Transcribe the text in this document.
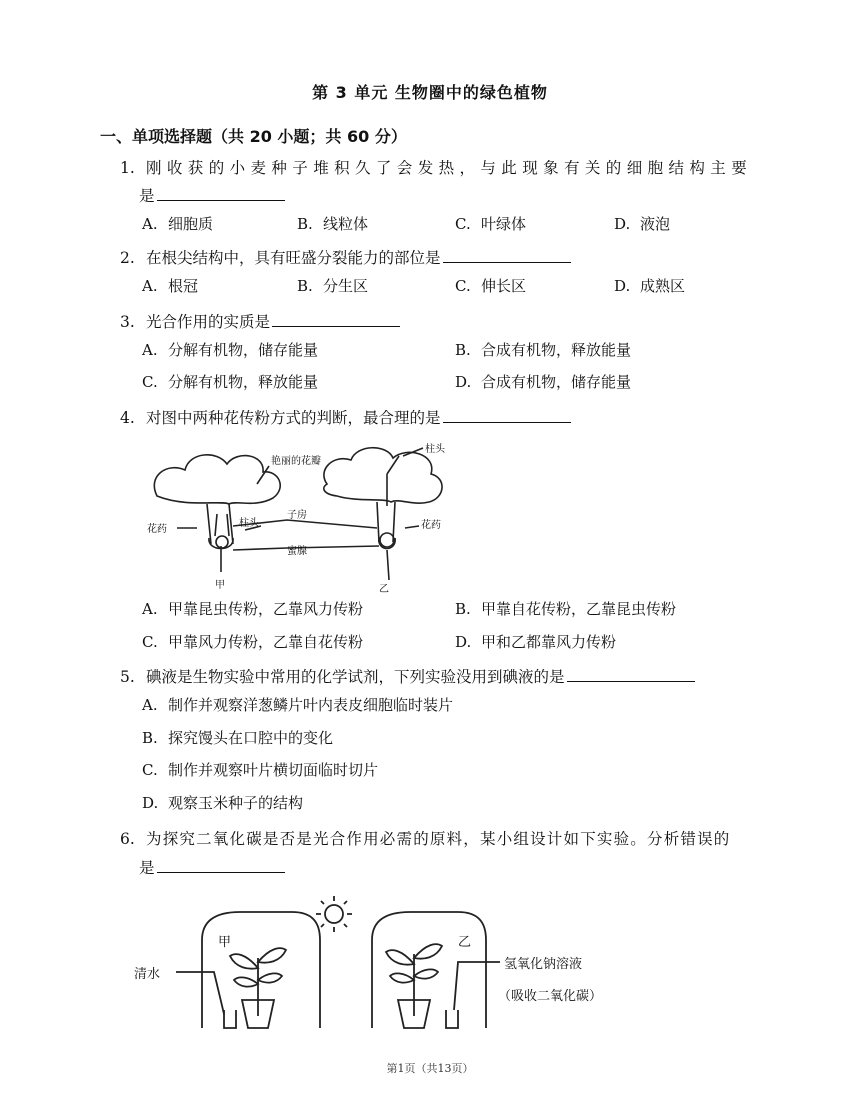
第 3 单元 生物圈中的绿色植物
一、单项选择题（共 20 小题；共 60 分）
1. 刚收获的小麦种子堆积久了会发热，与此现象有关的细胞结构主要
是
A. 细胞质	B. 线粒体	C. 叶绿体	D. 液泡
2. 在根尖结构中，具有旺盛分裂能力的部位是
A. 根冠	B. 分生区	C. 伸长区	D. 成熟区
3. 光合作用的实质是
A. 分解有机物，储存能量	B. 合成有机物，释放能量
C. 分解有机物，释放能量	D. 合成有机物，储存能量
4. 对图中两种花传粉方式的判断，最合理的是
艳丽的花瓣
柱头
柱头
花药	花药
子房
蜜腺
甲	乙
A. 甲靠昆虫传粉，乙靠风力传粉	B. 甲靠自花传粉，乙靠昆虫传粉
C. 甲靠风力传粉，乙靠自花传粉	D. 甲和乙都靠风力传粉
5. 碘液是生物实验中常用的化学试剂，下列实验没用到碘液的是
A. 制作并观察洋葱鳞片叶内表皮细胞临时装片
B. 探究馒头在口腔中的变化
C. 制作并观察叶片横切面临时切片
D. 观察玉米种子的结构
6. 为探究二氧化碳是否是光合作用必需的原料，某小组设计如下实验。分析错误的
是
甲	乙
清水
氢氧化钠溶液
（吸收二氧化碳）
第1页（共13页）
